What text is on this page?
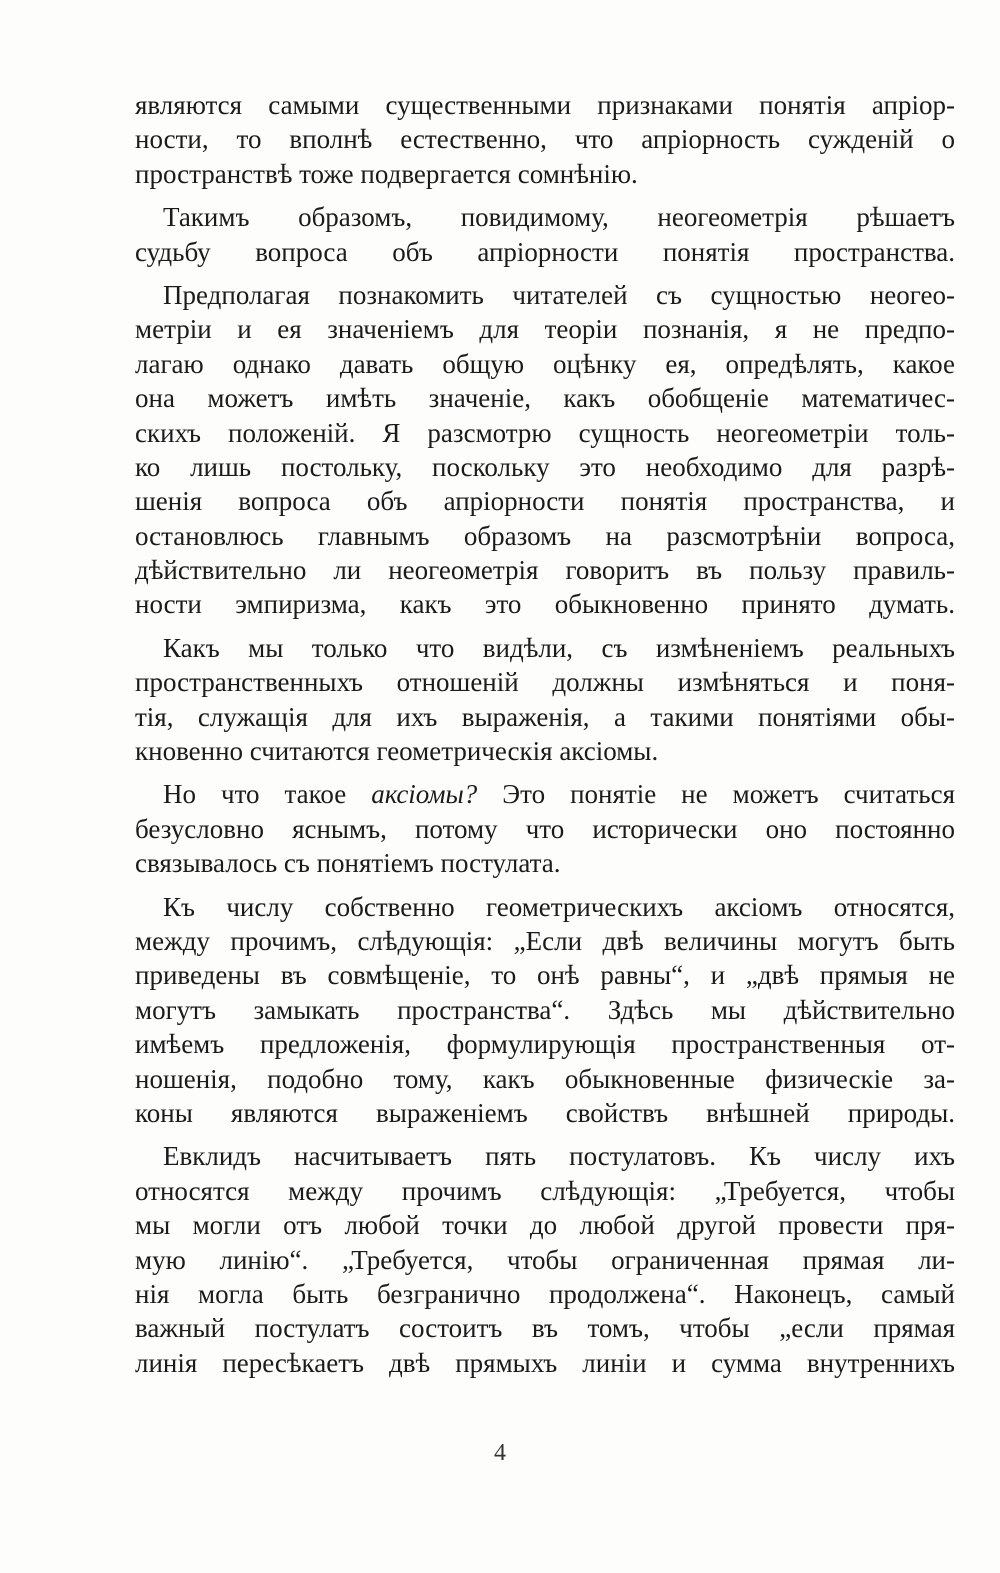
являются самыми существенными признаками понятія апріор-
ности, то вполнѣ естественно, что апріорность сужденій о
пространствѣ тоже подвергается сомнѣнію.
Такимъ образомъ, повидимому, неогеометрія рѣшаетъ
судьбу вопроса объ апріорности понятія пространства.
Предполагая познакомить читателей съ сущностью неогео-
метріи и ея значеніемъ для теоріи познанія, я не предпо-
лагаю однако давать общую оцѣнку ея, опредѣлять, какое
она можетъ имѣть значеніе, какъ обобщеніе математичес-
скихъ положеній. Я разсмотрю сущность неогеометріи толь-
ко лишь постольку, поскольку это необходимо для разрѣ-
шенія вопроса объ апріорности понятія пространства, и
остановлюсь главнымъ образомъ на разсмотрѣніи вопроса,
дѣйствительно ли неогеометрія говоритъ въ пользу правиль-
ности эмпиризма, какъ это обыкновенно принято думать.
Какъ мы только что видѣли, съ измѣненіемъ реальныхъ
пространственныхъ отношеній должны измѣняться и поня-
тія, служащія для ихъ выраженія, а такими понятіями обы-
кновенно считаются геометрическія аксіомы.
Но что такое аксіомы? Это понятіе не можетъ считаться
безусловно яснымъ, потому что исторически оно постоянно
связывалось съ понятіемъ постулата.
Къ числу собственно геометрическихъ аксіомъ относятся,
между прочимъ, слѣдующія: „Если двѣ величины могутъ быть
приведены въ совмѣщеніе, то онѣ равны“, и „двѣ прямыя не
могутъ замыкать пространства“. Здѣсь мы дѣйствительно
имѣемъ предложенія, формулирующія пространственныя от-
ношенія, подобно тому, какъ обыкновенные физическіе за-
коны являются выраженіемъ свойствъ внѣшней природы.
Евклидъ насчитываетъ пять постулатовъ. Къ числу ихъ
относятся между прочимъ слѣдующія: „Требуется, чтобы
мы могли отъ любой точки до любой другой провести пря-
мую линію“. „Требуется, чтобы ограниченная прямая ли-
нія могла быть безгранично продолжена“. Наконецъ, самый
важный постулатъ состоитъ въ томъ, чтобы „если прямая
линія пересѣкаетъ двѣ прямыхъ линіи и сумма внутреннихъ
4
